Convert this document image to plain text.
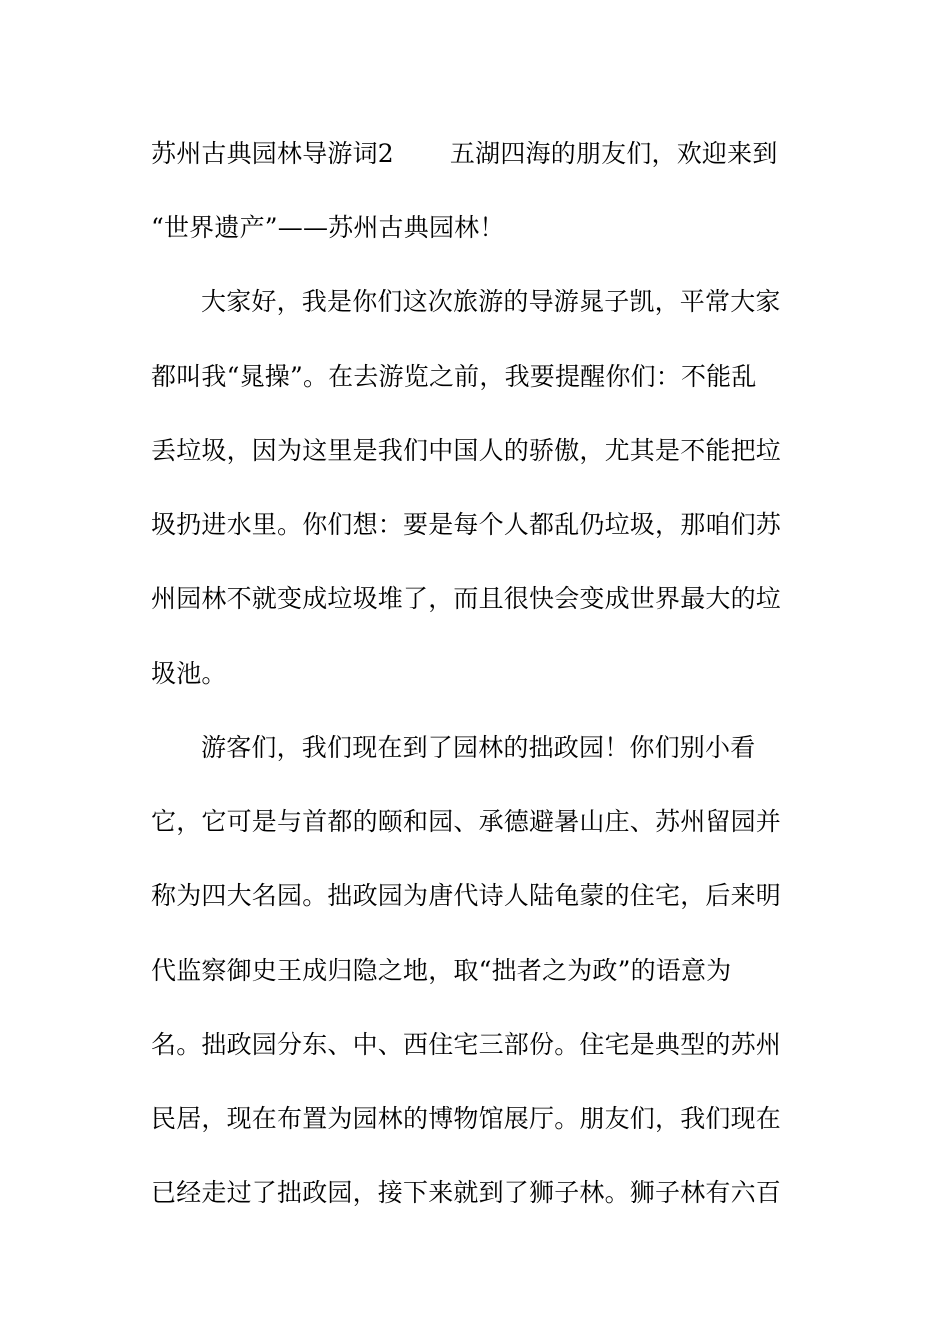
苏州古典园林导游词2 五湖四海的朋友们，欢迎来到
“世界遗产”——苏州古典园林！
大家好，我是你们这次旅游的导游晁子凯，平常大家
都叫我“晁操”。在去游览之前，我要提醒你们：不能乱
丢垃圾，因为这里是我们中国人的骄傲，尤其是不能把垃
圾扔进水里。你们想：要是每个人都乱仍垃圾，那咱们苏
州园林不就变成垃圾堆了，而且很快会变成世界最大的垃
圾池。
游客们，我们现在到了园林的拙政园！你们别小看
它，它可是与首都的颐和园、承德避暑山庄、苏州留园并
称为四大名园。拙政园为唐代诗人陆龟蒙的住宅，后来明
代监察御史王成归隐之地，取“拙者之为政”的语意为
名。拙政园分东、中、西住宅三部份。住宅是典型的苏州
民居，现在布置为园林的博物馆展厅。朋友们，我们现在
已经走过了拙政园，接下来就到了狮子林。狮子林有六百
